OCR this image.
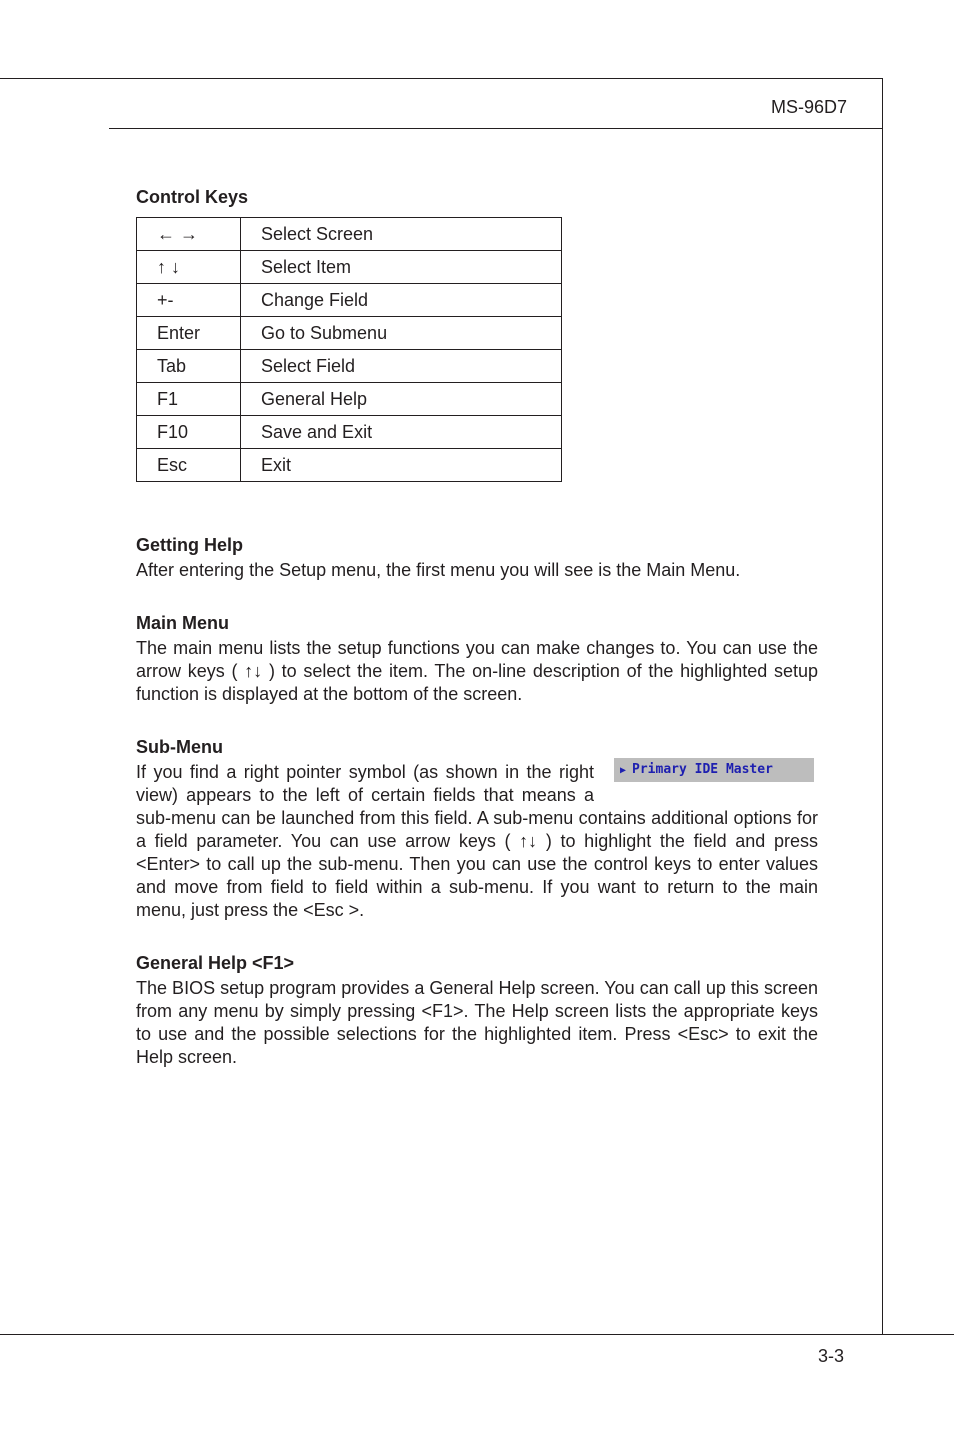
MS-96D7
Control Keys
← →	Select Screen
↑ ↓	Select Item
+-	Change Field
Enter	Go to Submenu
Tab	Select Field
F1	General Help
F10	Save and Exit
Esc	Exit
Getting Help

After entering the Setup menu, the first menu you will see is the Main Menu.

Main Menu

The main menu lists the setup functions you can make changes to. You can use the arrow keys ( ↑↓ ) to select the item. The on-line description of the highlighted setup function is displayed at the bottom of the screen.

Sub-Menu
▶ Primary IDE Master

If you find a right pointer symbol (as shown in the right view) appears to the left of certain fields that means a sub-menu can be launched from this field. A sub-menu contains additional options for a field parameter. You can use arrow keys ( ↑↓ ) to highlight the field and press <Enter> to call up the sub-menu. Then you can use the control keys to enter values and move from field to field within a sub-menu. If you want to return to the main menu, just press the <Esc >.

General Help <F1>

The BIOS setup program provides a General Help screen. You can call up this screen from any menu by simply pressing <F1>. The Help screen lists the appropriate keys to use and the possible selections for the highlighted item. Press <Esc> to exit the Help screen.

3-3
